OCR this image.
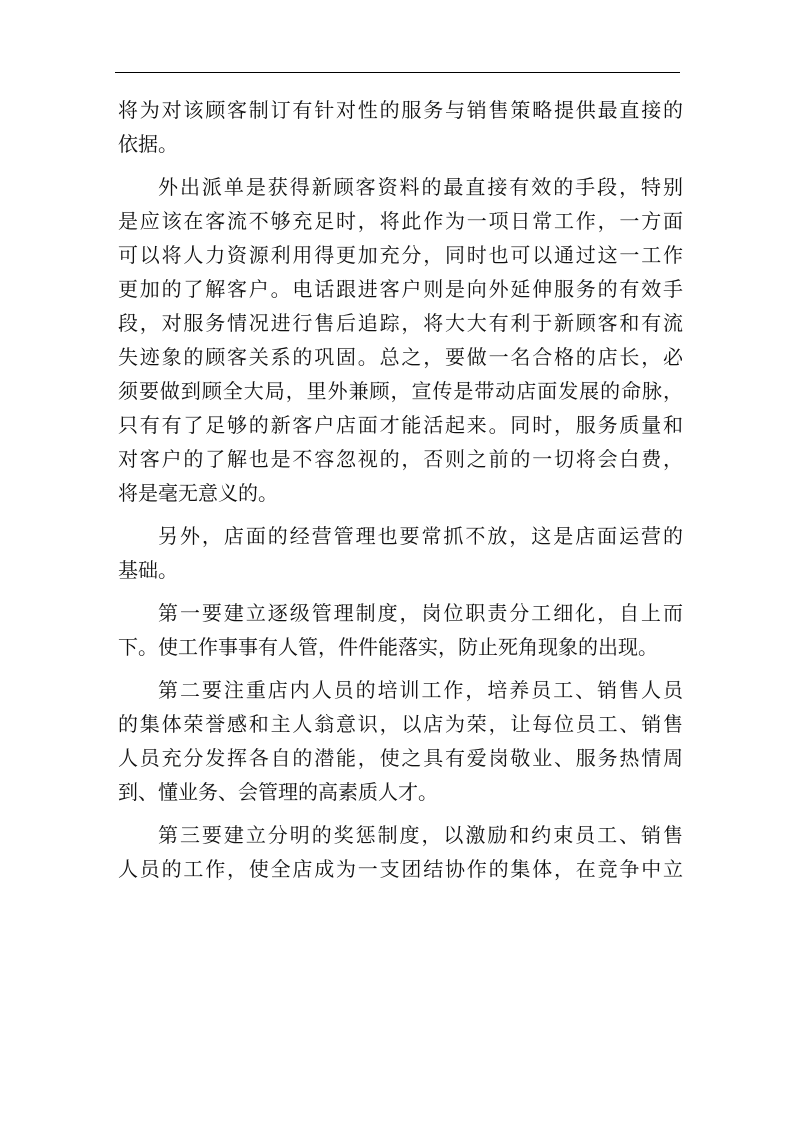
将为对该顾客制订有针对性的服务与销售策略提供最直接的
依据。
外出派单是获得新顾客资料的最直接有效的手段，特别
是应该在客流不够充足时，将此作为一项日常工作，一方面
可以将人力资源利用得更加充分，同时也可以通过这一工作
更加的了解客户。电话跟进客户则是向外延伸服务的有效手
段，对服务情况进行售后追踪，将大大有利于新顾客和有流
失迹象的顾客关系的巩固。总之，要做一名合格的店长，必
须要做到顾全大局，里外兼顾，宣传是带动店面发展的命脉，
只有有了足够的新客户店面才能活起来。同时，服务质量和
对客户的了解也是不容忽视的，否则之前的一切将会白费，
将是毫无意义的。
另外，店面的经营管理也要常抓不放，这是店面运营的
基础。
第一要建立逐级管理制度，岗位职责分工细化，自上而
下。使工作事事有人管，件件能落实，防止死角现象的出现。
第二要注重店内人员的培训工作，培养员工、销售人员
的集体荣誉感和主人翁意识，以店为荣，让每位员工、销售
人员充分发挥各自的潜能，使之具有爱岗敬业、服务热情周
到、懂业务、会管理的高素质人才。
第三要建立分明的奖惩制度，以激励和约束员工、销售
人员的工作，使全店成为一支团结协作的集体，在竞争中立
